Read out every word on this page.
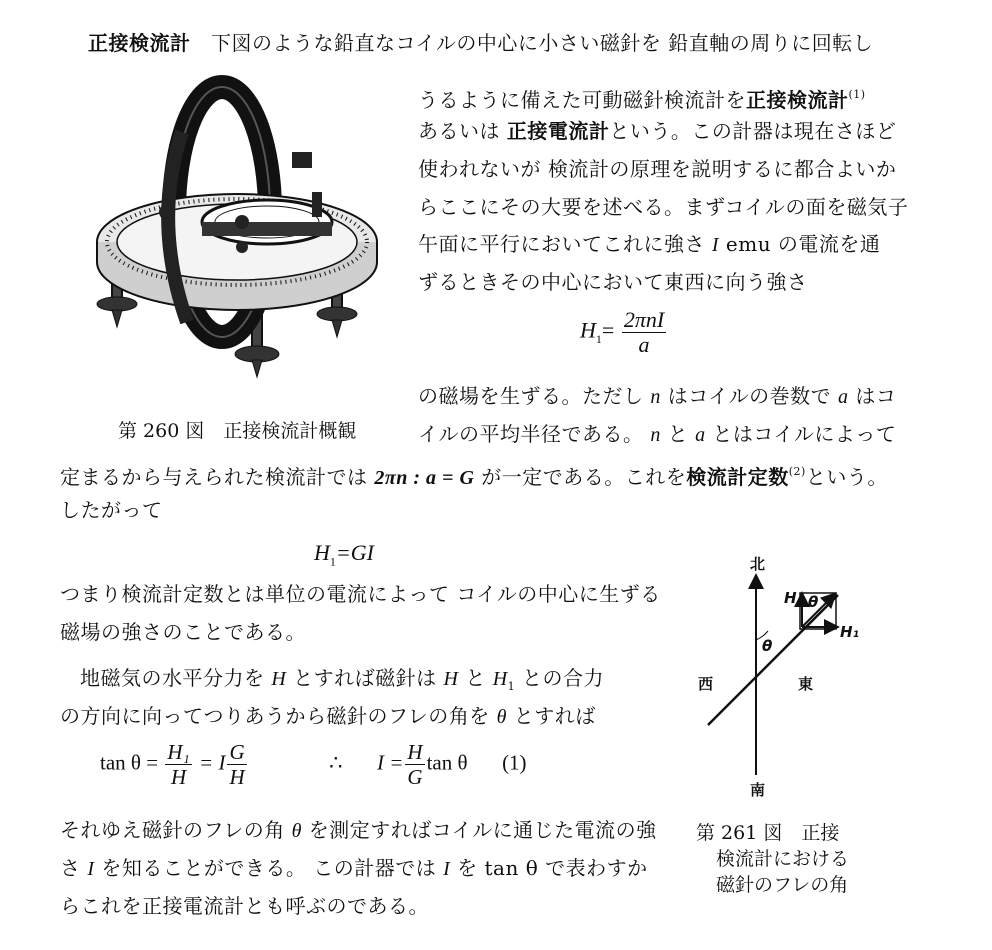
正接検流計　 下図のような鉛直なコイルの中心に小さい磁針を 鉛直軸の周りに回転し
うるように備えた可動磁針検流計を正接検流計$^{(1)}$
あるいは 正接電流計という。この計器は現在さほど
使われないが 検流計の原理を説明するに都合よいか
らここにその大要を述べる。まずコイルの面を磁気子
午面に平行においてこれに強さ I emu の電流を通
ずるときその中心において東西に向う強さ
$H_1= \frac{\text{2πnI}}{a}$
の磁場を生ずる。ただし n はコイルの巻数で a はコ
イルの平均半径である。 n と a とはコイルによって
定まるから与えられた検流計では 2πn : a = G が一定である。これを検流計定数$^{(2)}$という。
したがって
$H_1=GI$
つまり検流計定数とは単位の電流によって コイルの中心に生ずる
磁場の強さのことである。
地磁気の水平分力を H とすれば磁針は H と $H_1$ との合力
の方向に向ってつりあうから磁針のフレの角を θ とすれば
$\tan \theta = \frac{\text{H₁}}{H} = I \frac{G}{H}$	∴ $I = \frac{H}{G}$ tan θ (1)
それゆえ磁針のフレの角 θ を測定すればコイルに通じた電流の強
さ I を知ることができる。 この計器では I を tan θ で表わすか
らこれを正接電流計とも呼ぶのである。
第 260 図　正接検流計概観
北
南
西	東
H θ
H₁
θ
第 261 図　正接
検流計における
磁針のフレの角
